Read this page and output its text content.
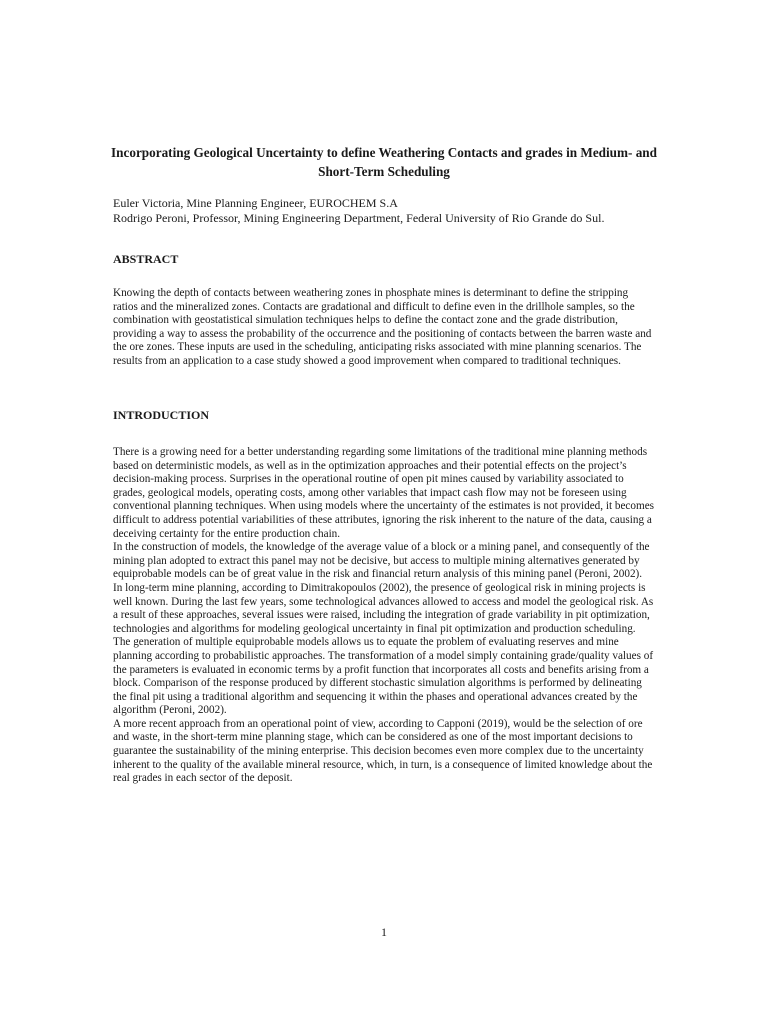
Incorporating Geological Uncertainty to define Weathering Contacts and grades in Medium- and Short-Term Scheduling
Euler Victoria, Mine Planning Engineer, EUROCHEM S.A
Rodrigo Peroni, Professor, Mining Engineering Department, Federal University of Rio Grande do Sul.
ABSTRACT

Knowing the depth of contacts between weathering zones in phosphate mines is determinant to define the stripping ratios and the mineralized zones. Contacts are gradational and difficult to define even in the drillhole samples, so the combination with geostatistical simulation techniques helps to define the contact zone and the grade distribution, providing a way to assess the probability of the occurrence and the positioning of contacts between the barren waste and the ore zones. These inputs are used in the scheduling, anticipating risks associated with mine planning scenarios. The results from an application to a case study showed a good improvement when compared to traditional techniques.

INTRODUCTION

There is a growing need for a better understanding regarding some limitations of the traditional mine planning methods based on deterministic models, as well as in the optimization approaches and their potential effects on the project’s decision-making process. Surprises in the operational routine of open pit mines caused by variability associated to grades, geological models, operating costs, among other variables that impact cash flow may not be foreseen using conventional planning techniques. When using models where the uncertainty of the estimates is not provided, it becomes difficult to address potential variabilities of these attributes, ignoring the risk inherent to the nature of the data, causing a deceiving certainty for the entire production chain.

In the construction of models, the knowledge of the average value of a block or a mining panel, and consequently of the mining plan adopted to extract this panel may not be decisive, but access to multiple mining alternatives generated by equiprobable models can be of great value in the risk and financial return analysis of this mining panel (Peroni, 2002).

In long-term mine planning, according to Dimitrakopoulos (2002), the presence of geological risk in mining projects is well known. During the last few years, some technological advances allowed to access and model the geological risk. As a result of these approaches, several issues were raised, including the integration of grade variability in pit optimization, technologies and algorithms for modeling geological uncertainty in final pit optimization and production scheduling.

The generation of multiple equiprobable models allows us to equate the problem of evaluating reserves and mine planning according to probabilistic approaches. The transformation of a model simply containing grade/quality values of the parameters is evaluated in economic terms by a profit function that incorporates all costs and benefits arising from a block. Comparison of the response produced by different stochastic simulation algorithms is performed by delineating the final pit using a traditional algorithm and sequencing it within the phases and operational advances created by the algorithm (Peroni, 2002).

A more recent approach from an operational point of view, according to Capponi (2019), would be the selection of ore and waste, in the short-term mine planning stage, which can be considered as one of the most important decisions to guarantee the sustainability of the mining enterprise. This decision becomes even more complex due to the uncertainty inherent to the quality of the available mineral resource, which, in turn, is a consequence of limited knowledge about the real grades in each sector of the deposit.

1
